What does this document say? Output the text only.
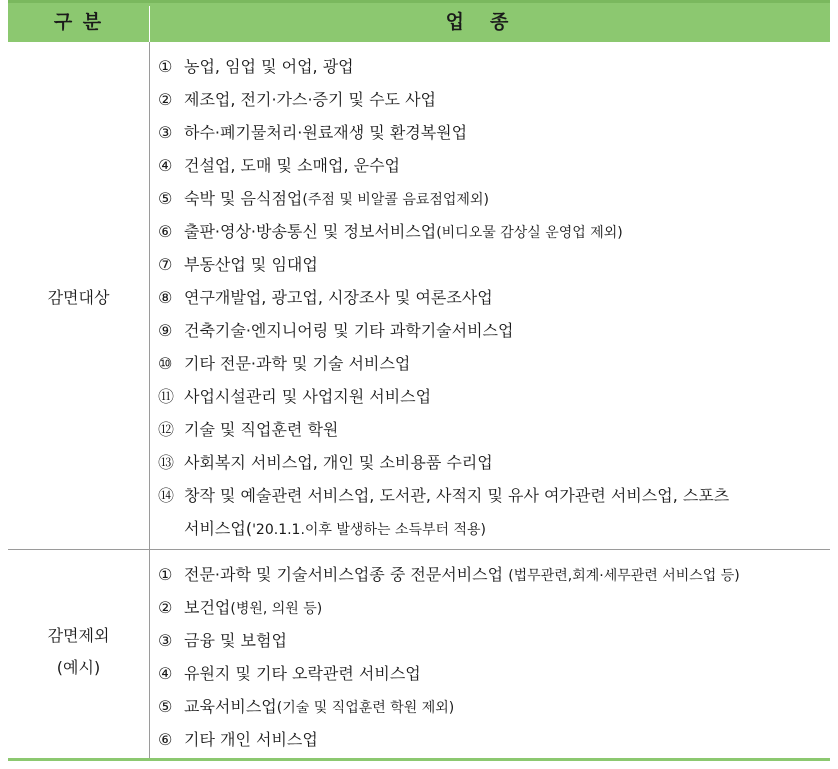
구 분	업종
감면대상
① 농업, 임업 및 어업, 광업
② 제조업, 전기·가스·증기 및 수도 사업
③ 하수·폐기물처리·원료재생 및 환경복원업
④ 건설업, 도매 및 소매업, 운수업
⑤ 숙박 및 음식점업(주점 및 비알콜 음료점업제외)
⑥ 출판·영상·방송통신 및 정보서비스업(비디오물 감상실 운영업 제외)
⑦ 부동산업 및 임대업
⑧ 연구개발업, 광고업, 시장조사 및 여론조사업
⑨ 건축기술·엔지니어링 및 기타 과학기술서비스업
⑩ 기타 전문·과학 및 기술 서비스업
⑪ 사업시설관리 및 사업지원 서비스업
⑫ 기술 및 직업훈련 학원
⑬ 사회복지 서비스업, 개인 및 소비용품 수리업
⑭ 창작 및 예술관련 서비스업, 도서관, 사적지 및 유사 여가관련 서비스업, 스포츠
서비스업('20.1.1.이후 발생하는 소득부터 적용)
감면제외
(예시)
① 전문·과학 및 기술서비스업종 중 전문서비스업 (법무관련,회계·세무관련 서비스업 등)
② 보건업(병원, 의원 등)
③ 금융 및 보험업
④ 유원지 및 기타 오락관련 서비스업
⑤ 교육서비스업(기술 및 직업훈련 학원 제외)
⑥ 기타 개인 서비스업
